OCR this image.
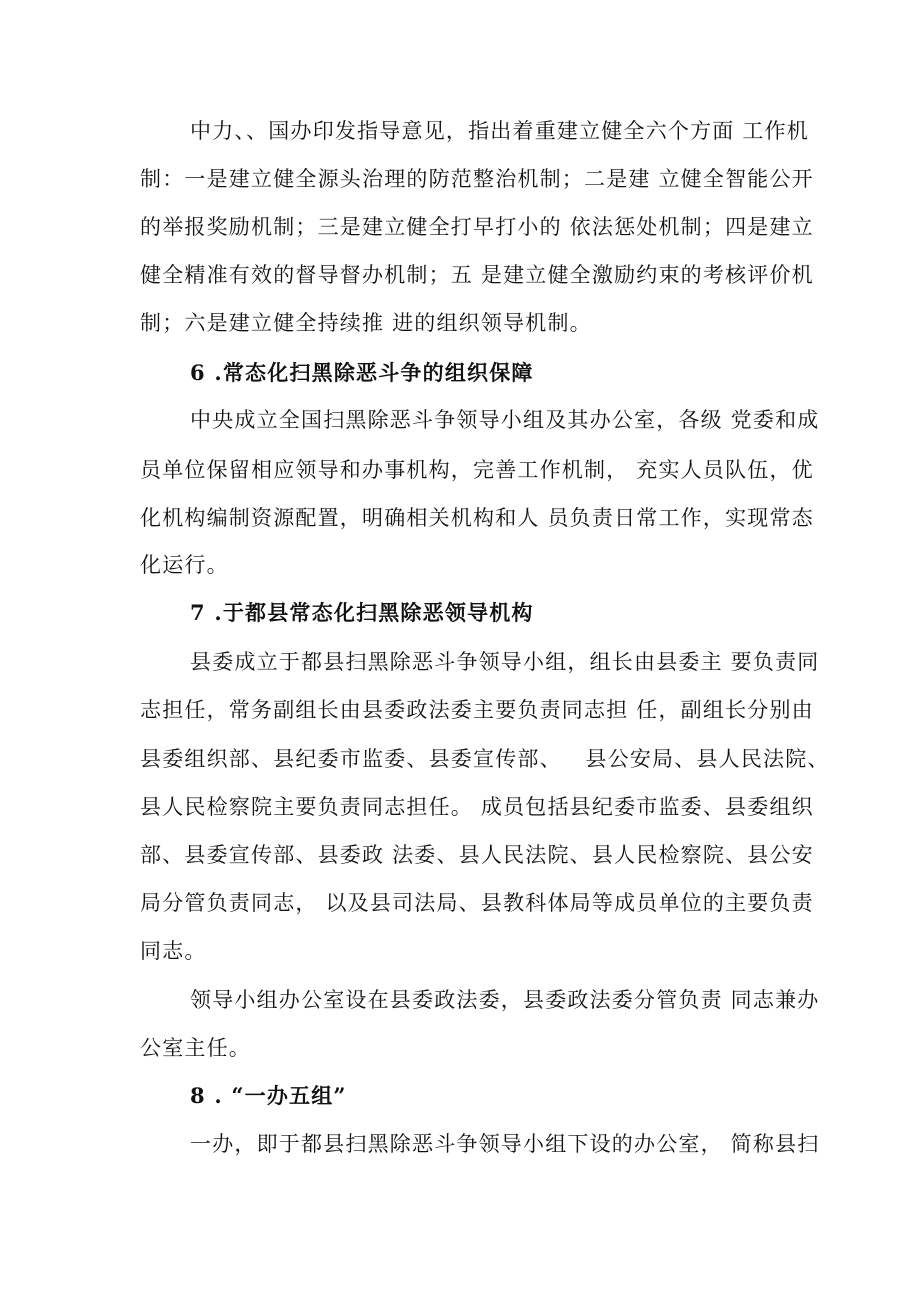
中力、、国办印发指导意见，指出着重建立健全六个方面 工作机
制：一是建立健全源头治理的防范整治机制；二是建 立健全智能公开
的举报奖励机制；三是建立健全打早打小的 依法惩处机制；四是建立
健全精准有效的督导督办机制；五 是建立健全激励约束的考核评价机
制；六是建立健全持续推 进的组织领导机制。
6 .常态化扫黑除恶斗争的组织保障
中央成立全国扫黑除恶斗争领导小组及其办公室，各级 党委和成
员单位保留相应领导和办事机构，完善工作机制， 充实人员队伍，优
化机构编制资源配置，明确相关机构和人 员负责日常工作，实现常态
化运行。
7 .于都县常态化扫黑除恶领导机构
县委成立于都县扫黑除恶斗争领导小组，组长由县委主 要负责同
志担任，常务副组长由县委政法委主要负责同志担 任，副组长分别由
县委组织部、县纪委市监委、县委宣传部、   县公安局、县人民法院、
县人民检察院主要负责同志担任。 成员包括县纪委市监委、县委组织
部、县委宣传部、县委政 法委、县人民法院、县人民检察院、县公安
局分管负责同志， 以及县司法局、县教科体局等成员单位的主要负责
同志。
领导小组办公室设在县委政法委，县委政法委分管负责 同志兼办
公室主任。
8 . “一办五组”
一办，即于都县扫黑除恶斗争领导小组下设的办公室， 简称县扫
